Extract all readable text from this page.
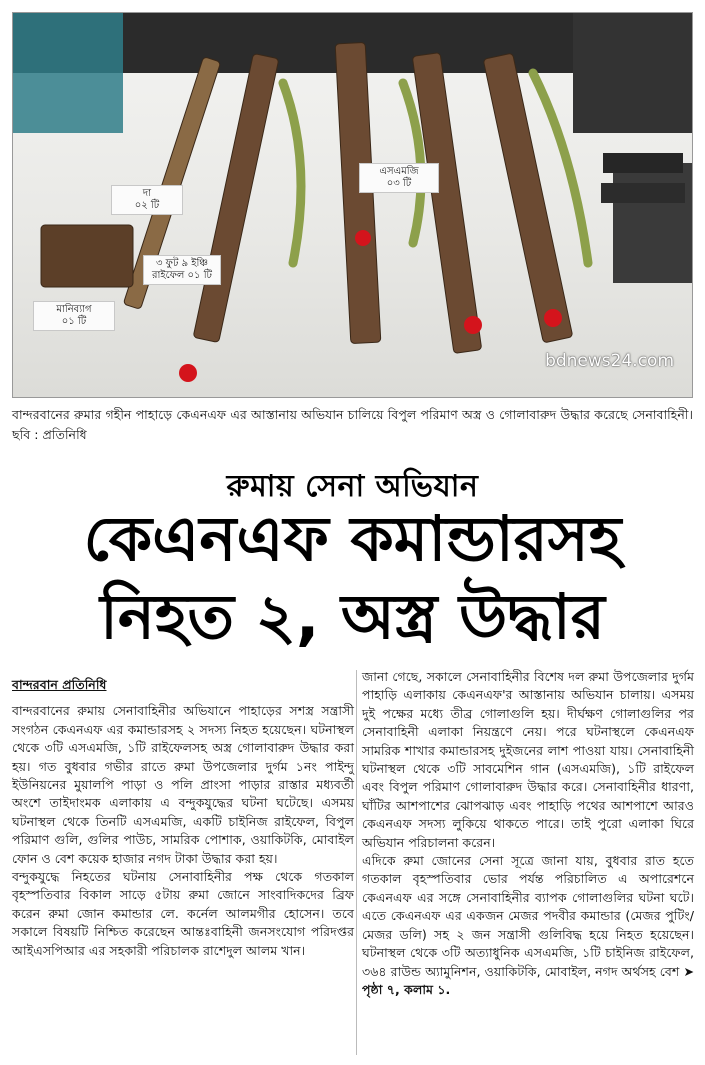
দা
০২ টি
৩ ফুট ৯ ইঞ্চি
রাইফেল ০১ টি
মানিব্যাগ
০১ টি
এসএমজি
০৩ টি
bdnews24.com
বান্দরবানের রুমার গহীন পাহাড়ে কেএনএফ এর আস্তানায় অভিযান চালিয়ে বিপুল পরিমাণ অস্ত্র ও গোলাবারুদ উদ্ধার করেছে সেনাবাহিনী। ছবি : প্রতিনিধি
রুমায় সেনা অভিযান
কেএনএফ কমান্ডারসহ
নিহত ২, অস্ত্র উদ্ধার
বান্দরবান প্রতিনিধি
বান্দরবানের রুমায় সেনাবাহিনীর অভিযানে পাহাড়ের সশস্ত্র সন্ত্রাসী সংগঠন কেএনএফ এর কমান্ডারসহ ২ সদস্য নিহত হয়েছেন। ঘটনাস্থল থেকে ৩টি এসএমজি, ১টি রাইফেলসহ অস্ত্র গোলাবারুদ উদ্ধার করা হয়। গত বুধবার গভীর রাতে রুমা উপজেলার দুর্গম ১নং পাইন্দু ইউনিয়নের মুয়ালপি পাড়া ও পলি প্রাংসা পাড়ার রাস্তার মধ্যবর্তী অংশে তাইদাংমক এলাকায় এ বন্দুকযুদ্ধের ঘটনা ঘটেছে। এসময় ঘটনাস্থল থেকে তিনটি এসএমজি, একটি চাইনিজ রাইফেল, বিপুল পরিমাণ গুলি, গুলির পাউচ, সামরিক পোশাক, ওয়াকিটকি, মোবাইল ফোন ও বেশ কয়েক হাজার নগদ টাকা উদ্ধার করা হয়।
বন্দুকযুদ্ধে নিহতের ঘটনায় সেনাবাহিনীর পক্ষ থেকে গতকাল বৃহস্পতিবার বিকাল সাড়ে ৫টায় রুমা জোনে সাংবাদিকদের ব্রিফ করেন রুমা জোন কমান্ডার লে. কর্নেল আলমগীর হোসেন। তবে সকালে বিষয়টি নিশ্চিত করেছেন আন্তঃবাহিনী জনসংযোগ পরিদপ্তর আইএসপিআর এর সহকারী পরিচালক রাশেদুল আলম খান।
জানা গেছে, সকালে সেনাবাহিনীর বিশেষ দল রুমা উপজেলার দুর্গম পাহাড়ি এলাকায় কেএনএফ'র আস্তানায় অভিযান চালায়। এসময় দুই পক্ষের মধ্যে তীব্র গোলাগুলি হয়। দীর্ঘক্ষণ গোলাগুলির পর সেনাবাহিনী এলাকা নিয়ন্ত্রণে নেয়। পরে ঘটনাস্থলে কেএনএফ সামরিক শাখার কমান্ডারসহ দুইজনের লাশ পাওয়া যায়। সেনাবাহিনী ঘটনাস্থল থেকে ৩টি সাবমেশিন গান (এসএমজি), ১টি রাইফেল এবং বিপুল পরিমাণ গোলাবারুদ উদ্ধার করে। সেনাবাহিনীর ধারণা, ঘাঁটির আশপাশের ঝোপঝাড় এবং পাহাড়ি পথের আশপাশে আরও কেএনএফ সদস্য লুকিয়ে থাকতে পারে। তাই পুরো এলাকা ঘিরে অভিযান পরিচালনা করেন।
এদিকে রুমা জোনের সেনা সূত্রে জানা যায়, বুধবার রাত হতে গতকাল বৃহস্পতিবার ভোর পর্যন্ত পরিচালিত এ অপারেশনে কেএনএফ এর সঙ্গে সেনাবাহিনীর ব্যাপক গোলাগুলির ঘটনা ঘটে। এতে কেএনএফ এর একজন মেজর পদবীর কমান্ডার (মেজর পুটিং/মেজর ডলি) সহ ২ জন সন্ত্রাসী গুলিবিদ্ধ হয়ে নিহত হয়েছেন। ঘটনাস্থল থেকে ৩টি অত্যাধুনিক এসএমজি, ১টি চাইনিজ রাইফেল, ৩৬৪ রাউন্ড অ্যামুনিশন, ওয়াকিটকি, মোবাইল, নগদ অর্থসহ বেশ ➤ পৃষ্ঠা ৭, কলাম ১.
